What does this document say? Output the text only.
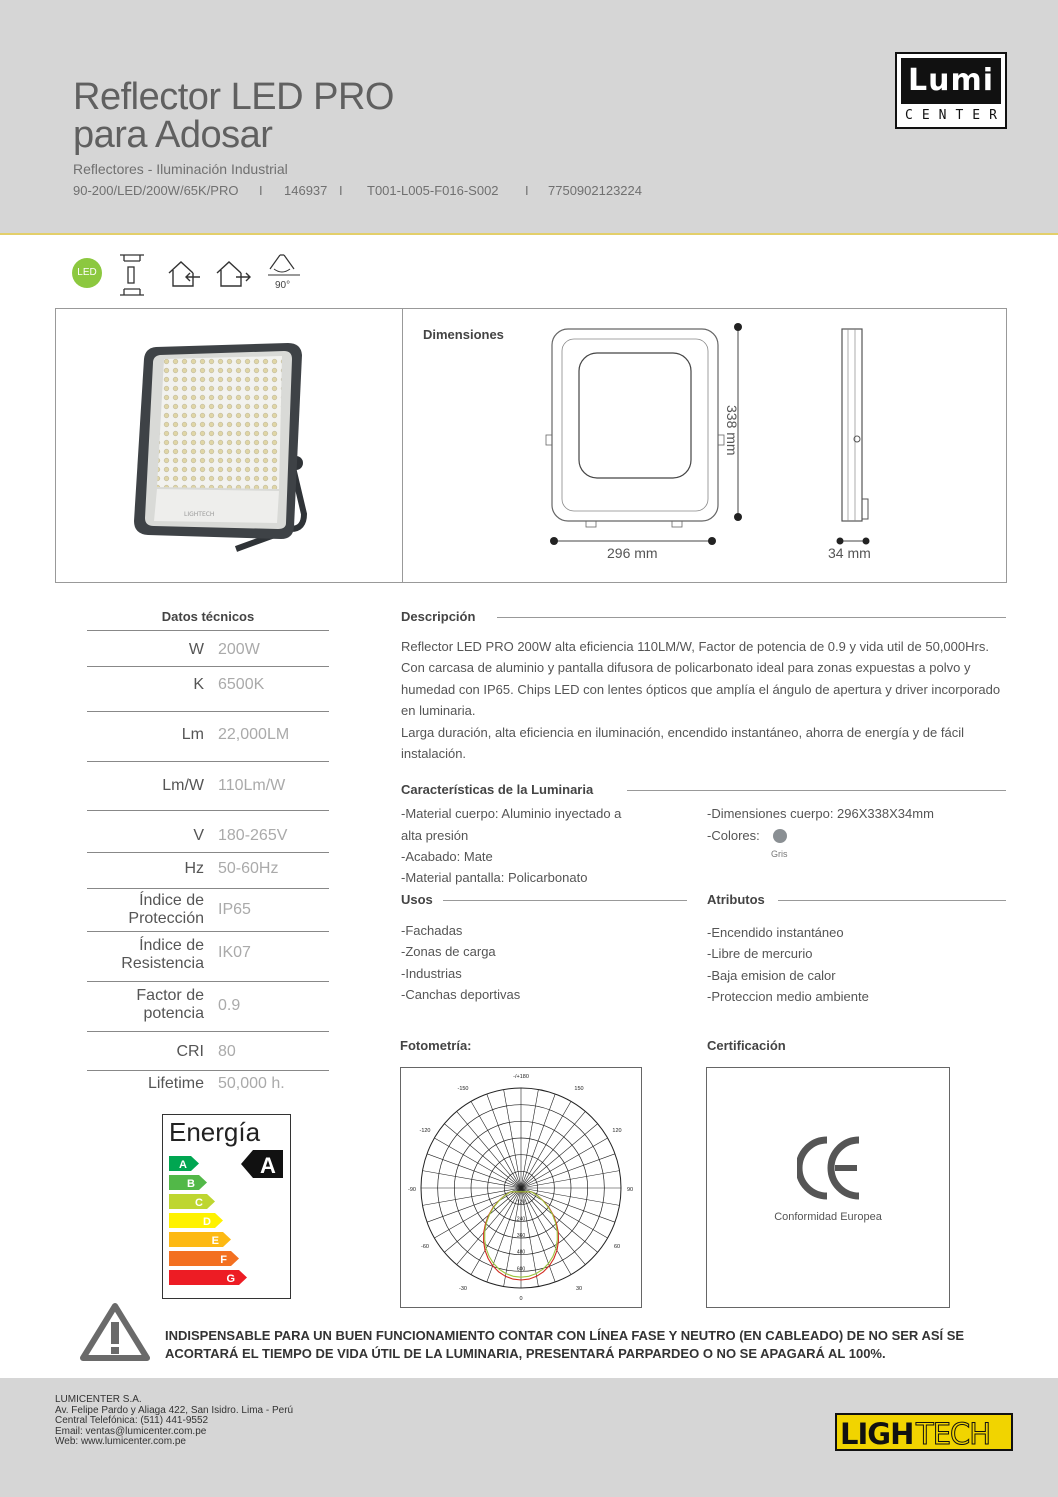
Reflector LED PRO
para Adosar
Reflectores - Iluminación Industrial
90-200/LED/200W/65K/PRO I 146937 I T001-L005-F016-S002 I 7750902123224
Lumi
CENTER
LED
90°
LIGHTECH
Dimensiones
338 mm
296 mm	34 mm
Datos técnicos
W 200W
K 6500K
Lm 22,000LM
Lm/W 110Lm/W
V 180-265V
Hz 50-60Hz
Índice de
Protección
IP65
Índice de
Resistencia
IK07
Factor de
potencia 0.9
CRI 80
Lifetime 50,000 h.
Energía
A
B
C
D
E
F
G
A
Descripción
Reflector LED PRO 200W alta eficiencia 110LM/W, Factor de potencia de 0.9 y vida util de 50,000Hrs. Con carcasa de aluminio y pantalla difusora de policarbonato ideal para zonas expuestas a polvo y humedad con IP65. Chips LED con lentes ópticos que amplía el ángulo de apertura y driver incorporado en luminaria.
Larga duración, alta eficiencia en iluminación, encendido instantáneo, ahorra de energía y de fácil instalación.
Características de la Luminaria
-Material cuerpo: Aluminio inyectado a
alta presión
-Acabado: Mate
-Material pantalla: Policarbonato
-Dimensiones cuerpo: 296X338X34mm
-Colores:
Gris
Usos
-Fachadas
-Zonas de carga
-Industrias
-Canchas deportivas
Atributos
-Encendido instantáneo
-Libre de mercurio
-Baja emision de calor
-Proteccion medio ambiente
Fotometría:
-/+180
-150	150
-120	120
-90	90
-60	60
-30	30
0
120
240
360
480
600
Certificación
Conformidad Europea
INDISPENSABLE PARA UN BUEN FUNCIONAMIENTO CONTAR CON LÍNEA FASE Y NEUTRO (EN CABLEADO) DE NO SER ASÍ SE
ACORTARÁ EL TIEMPO DE VIDA ÚTIL DE LA LUMINARIA, PRESENTARÁ PARPARDEO O NO SE APAGARÁ AL 100%.
LUMICENTER S.A.
Av. Felipe Pardo y Aliaga 422, San Isidro. Lima - Perú
Central Telefónica: (511) 441-9552
Email: ventas@lumicenter.com.pe
Web: www.lumicenter.com.pe	LIGH TECH
